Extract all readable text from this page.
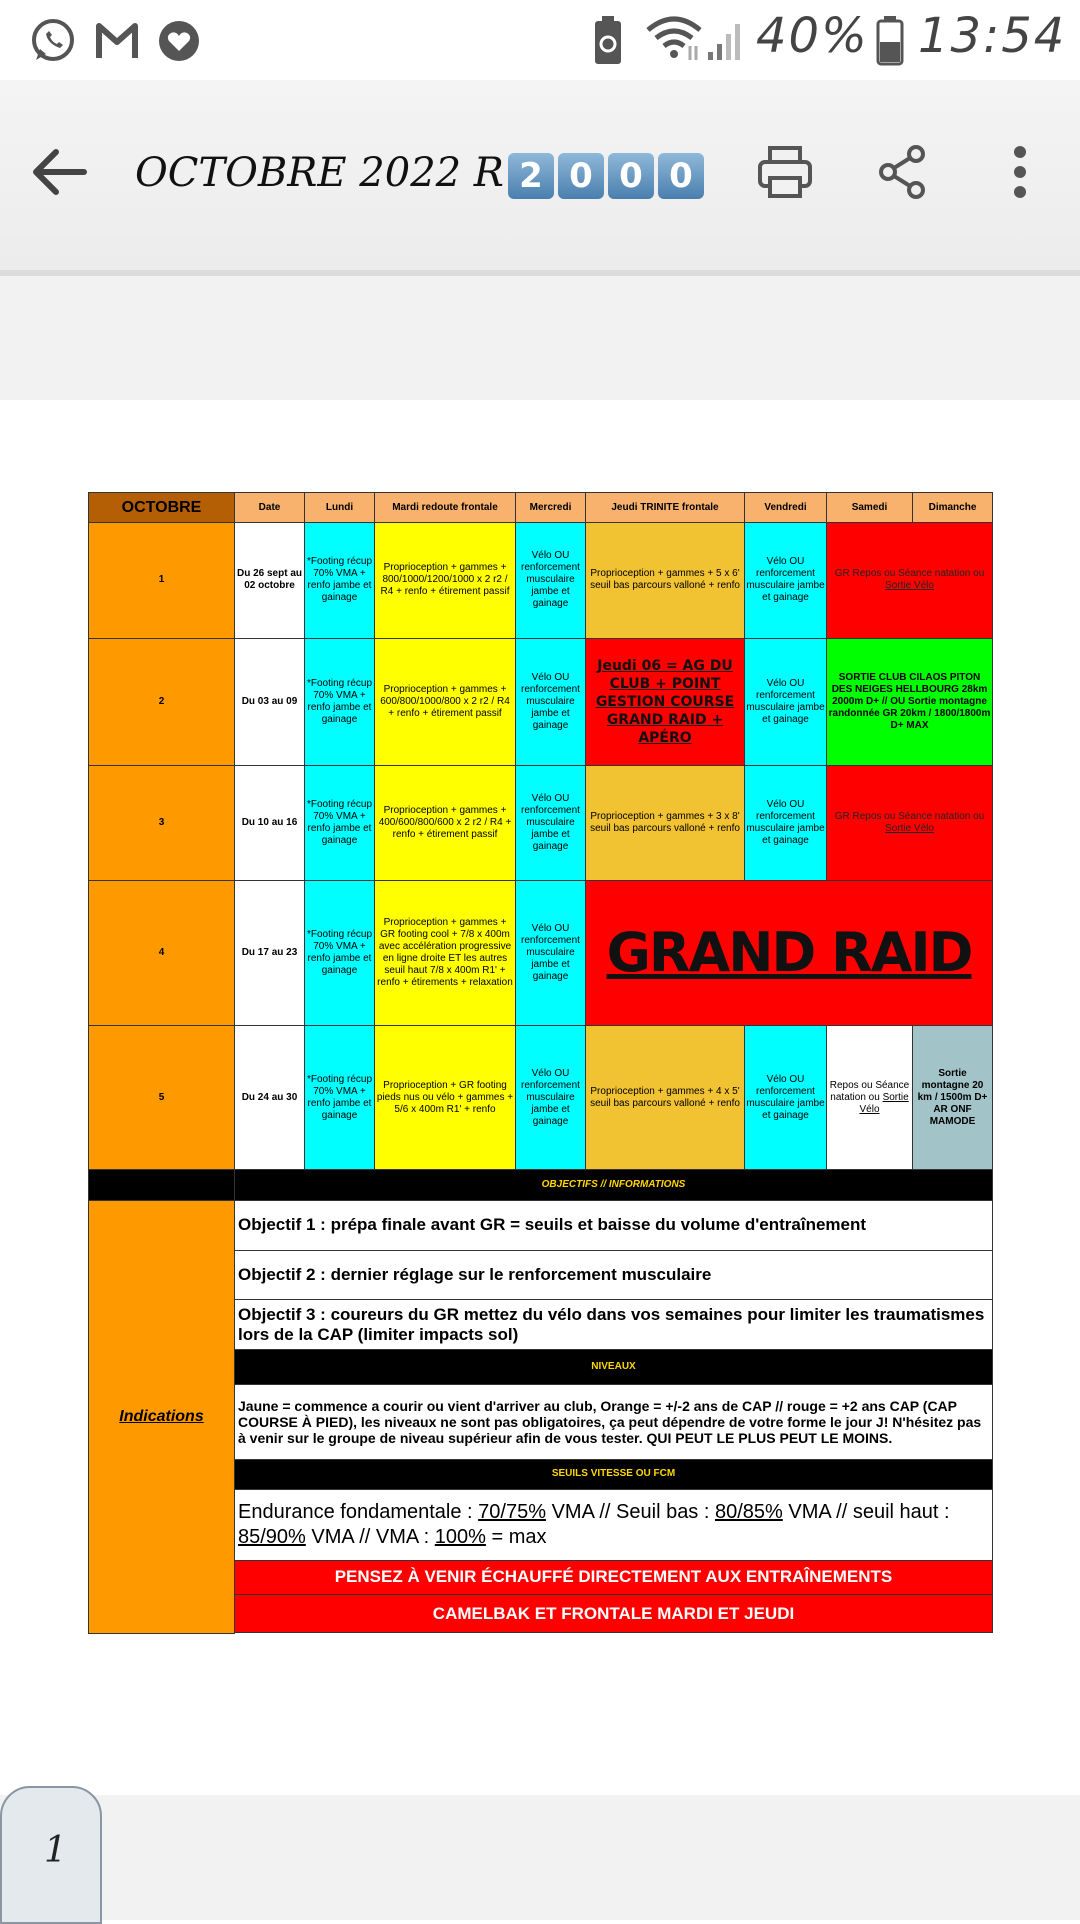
40% 13:54
OCTOBRE 2022 R 2 0 0 0
OCTOBRE	Date	Lundi	Mardi redoute frontale	Mercredi	Jeudi TRINITE frontale	Vendredi	Samedi	Dimanche
1	Du 26 sept au 02 octobre	*Footing récup 70% VMA + renfo jambe et gainage	Proprioception + gammes + 800/1000/1200/1000 x 2 r2 / R4 + renfo + étirement passif	Vélo OU renforcement musculaire jambe et gainage	Proprioception + gammes + 5 x 6' seuil bas parcours valloné + renfo	Vélo OU renforcement musculaire jambe et gainage	GR Repos ou Séance natation ou Sortie Vélo	
2	Du 03 au 09	*Footing récup 70% VMA + renfo jambe et gainage	Proprioception + gammes + 600/800/1000/800 x 2 r2 / R4 + renfo + étirement passif	Vélo OU renforcement musculaire jambe et gainage	Jeudi 06 = AG DU CLUB + POINT GESTION COURSE GRAND RAID + APÉRO	Vélo OU renforcement musculaire jambe et gainage	SORTIE CLUB CILAOS PITON DES NEIGES HELLBOURG 28km 2000m D+ // OU Sortie montagne randonnée GR 20km / 1800/1800m D+ MAX	
3	Du 10 au 16	*Footing récup 70% VMA + renfo jambe et gainage	Proprioception + gammes + 400/600/800/600 x 2 r2 / R4 + renfo + étirement passif	Vélo OU renforcement musculaire jambe et gainage	Proprioception + gammes + 3 x 8' seuil bas parcours valloné + renfo	Vélo OU renforcement musculaire jambe et gainage	GR Repos ou Séance natation ou Sortie Vélo	
4	Du 17 au 23	*Footing récup 70% VMA + renfo jambe et gainage	Proprioception + gammes + GR footing cool + 7/8 x 400m avec accélération progressive en ligne droite ET les autres seuil haut 7/8 x 400m R1' + renfo + étirements + relaxation	Vélo OU renforcement musculaire jambe et gainage	GRAND RAID			
5	Du 24 au 30	*Footing récup 70% VMA + renfo jambe et gainage	Proprioception + GR footing pieds nus ou vélo + gammes + 5/6 x 400m R1' + renfo	Vélo OU renforcement musculaire jambe et gainage	Proprioception + gammes + 4 x 5' seuil bas parcours valloné + renfo	Vélo OU renforcement musculaire jambe et gainage	Repos ou Séance natation ou Sortie Vélo	Sortie montagne 20 km / 1500m D+ AR ONF MAMODE
	OBJECTIFS // INFORMATIONS							
Indications	Objectif 1 : prépa finale avant GR = seuils et baisse du volume d'entraînement							
	Objectif 2 : dernier réglage sur le renforcement musculaire							
	Objectif 3 : coureurs du GR mettez du vélo dans vos semaines pour limiter les traumatismes lors de la CAP (limiter impacts sol)							
	NIVEAUX							
	Jaune = commence a courir ou vient d'arriver au club, Orange = +/-2 ans de CAP // rouge = +2 ans CAP (CAP COURSE À PIED), les niveaux ne sont pas obligatoires, ça peut dépendre de votre forme le jour J! N'hésitez pas à venir sur le groupe de niveau supérieur afin de vous tester. QUI PEUT LE PLUS PEUT LE MOINS.							
	SEUILS VITESSE OU FCM							
	Endurance fondamentale : 70/75% VMA // Seuil bas : 80/85% VMA // seuil haut : 85/90% VMA // VMA : 100% = max							
	PENSEZ À VENIR ÉCHAUFFÉ DIRECTEMENT AUX ENTRAÎNEMENTS							
	CAMELBAK ET FRONTALE MARDI ET JEUDI							

1
